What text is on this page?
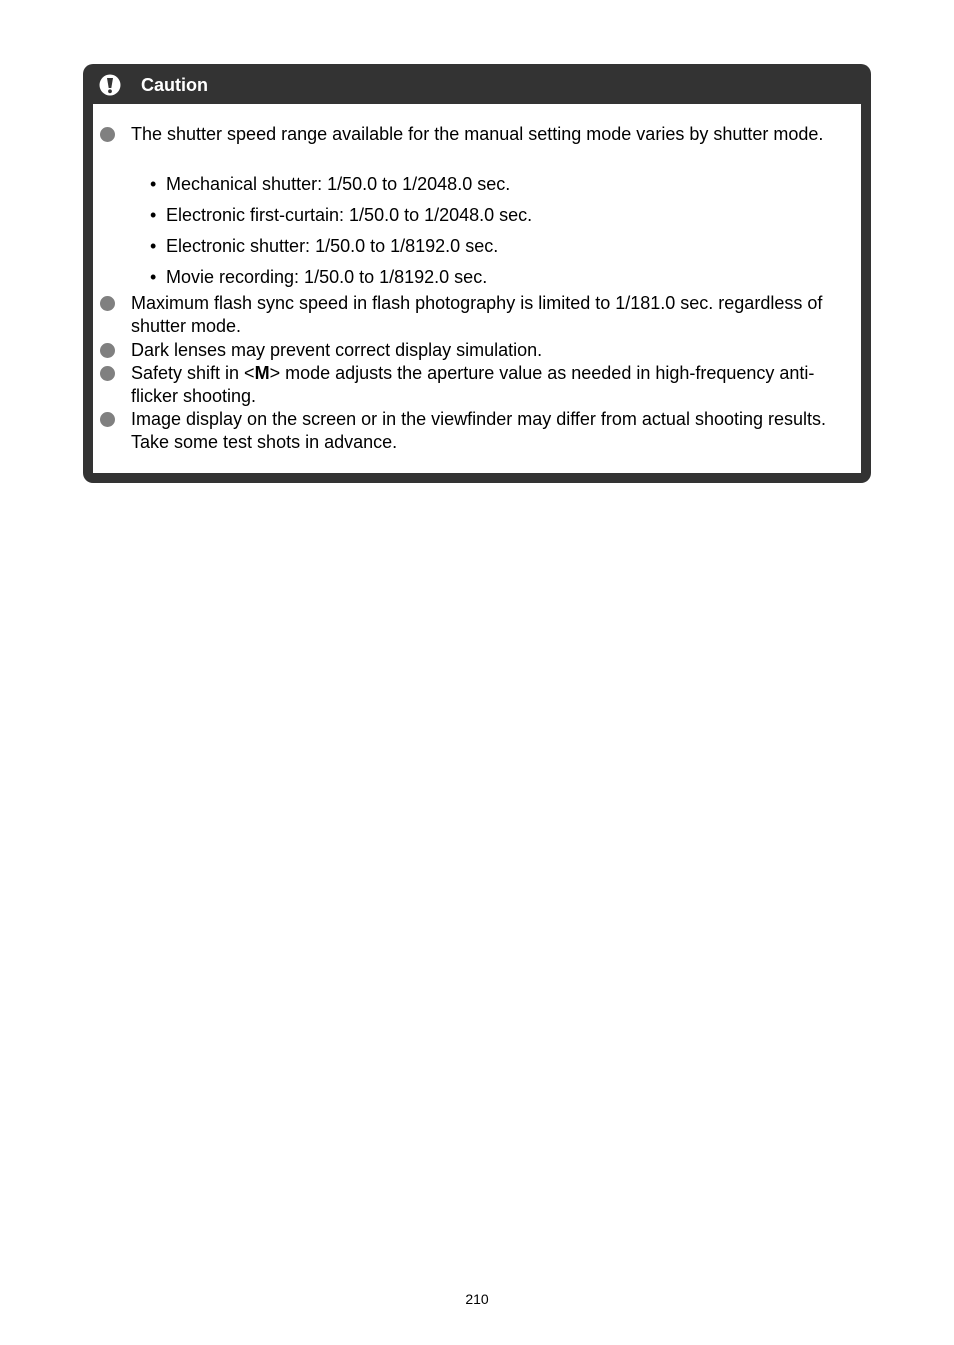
Caution
The shutter speed range available for the manual setting mode varies by shutter mode.
• Mechanical shutter: 1/50.0 to 1/2048.0 sec.
• Electronic first-curtain: 1/50.0 to 1/2048.0 sec.
• Electronic shutter: 1/50.0 to 1/8192.0 sec.
• Movie recording: 1/50.0 to 1/8192.0 sec.
Maximum flash sync speed in flash photography is limited to 1/181.0 sec. regardless of shutter mode.
Dark lenses may prevent correct display simulation.
Safety shift in <M> mode adjusts the aperture value as needed in high-frequency anti-flicker shooting.
Image display on the screen or in the viewfinder may differ from actual shooting results. Take some test shots in advance.
210
